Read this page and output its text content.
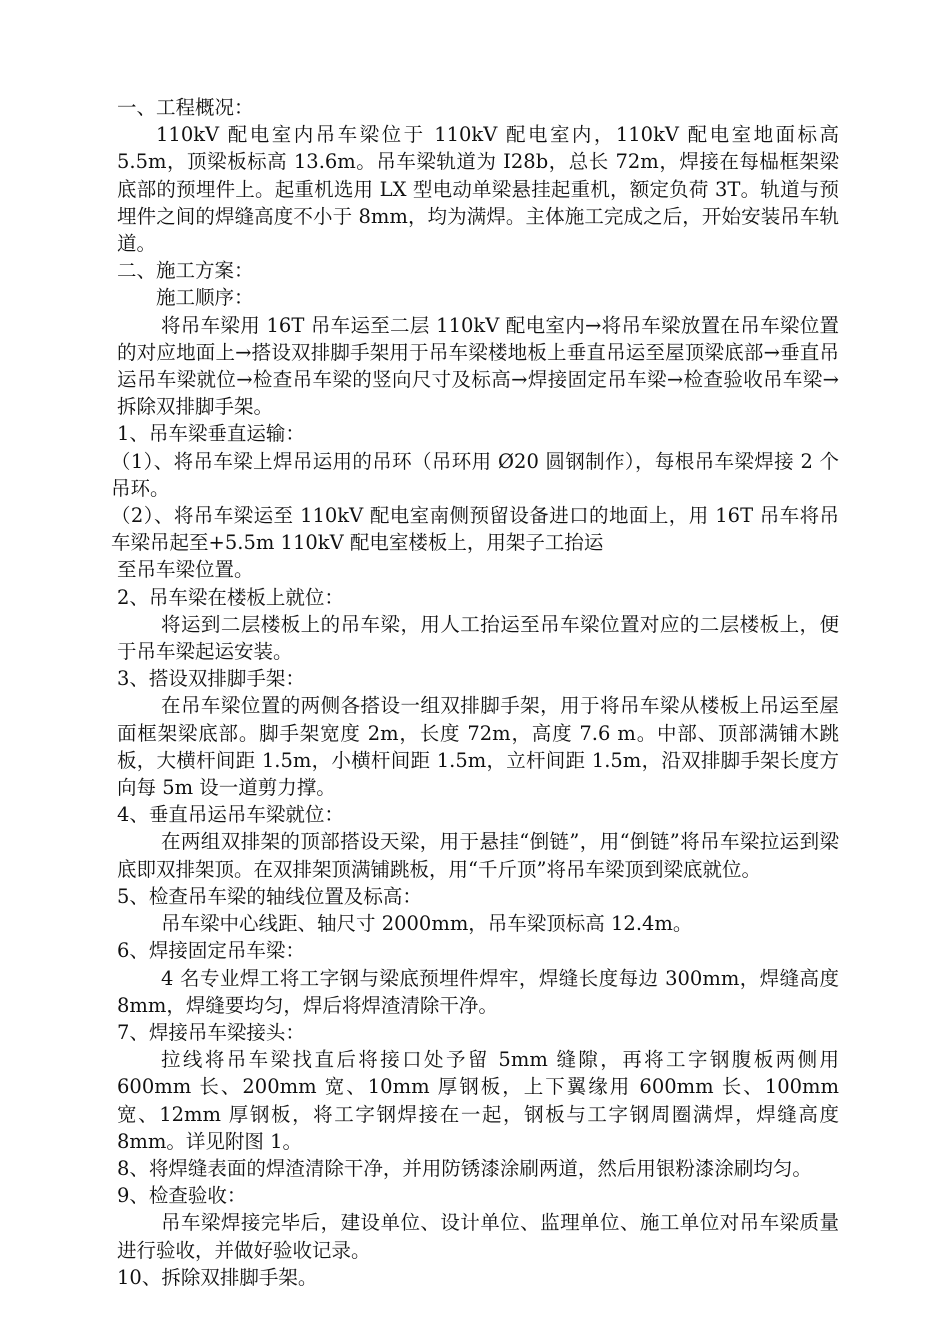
一、工程概况：

110kV 配电室内吊车梁位于 110kV 配电室内，110kV 配电室地面标高 5.5m，顶梁板标高 13.6m。吊车梁轨道为 I28b，总长 72m，焊接在每榀框架梁底部的预埋件上。起重机选用 LX 型电动单梁悬挂起重机，额定负荷 3T。轨道与预埋件之间的焊缝高度不小于 8mm，均为满焊。主体施工完成之后，开始安装吊车轨道。

二、施工方案：

施工顺序：

将吊车梁用 16T 吊车运至二层 110kV 配电室内→将吊车梁放置在吊车梁位置的对应地面上→搭设双排脚手架用于吊车梁楼地板上垂直吊运至屋顶梁底部→垂直吊运吊车梁就位→检查吊车梁的竖向尺寸及标高→焊接固定吊车梁→检查验收吊车梁→拆除双排脚手架。

1、吊车梁垂直运输：

（1）、将吊车梁上焊吊运用的吊环（吊环用 Ø20 圆钢制作），每根吊车梁焊接 2 个吊环。

（2）、将吊车梁运至 110kV 配电室南侧预留设备进口的地面上，用 16T 吊车将吊车梁吊起至+5.5m 110kV 配电室楼板上，用架子工抬运

至吊车梁位置。

2、吊车梁在楼板上就位：

将运到二层楼板上的吊车梁，用人工抬运至吊车梁位置对应的二层楼板上，便于吊车梁起运安装。

3、搭设双排脚手架：

在吊车梁位置的两侧各搭设一组双排脚手架，用于将吊车梁从楼板上吊运至屋面框架梁底部。脚手架宽度 2m，长度 72m，高度 7.6 m。中部、顶部满铺木跳板，大横杆间距 1.5m，小横杆间距 1.5m，立杆间距 1.5m，沿双排脚手架长度方向每 5m 设一道剪力撑。

4、垂直吊运吊车梁就位：

在两组双排架的顶部搭设天梁，用于悬挂“倒链”，用“倒链”将吊车梁拉运到梁底即双排架顶。在双排架顶满铺跳板，用“千斤顶”将吊车梁顶到梁底就位。

5、检查吊车梁的轴线位置及标高：

吊车梁中心线距、轴尺寸 2000mm，吊车梁顶标高 12.4m。

6、焊接固定吊车梁：

4 名专业焊工将工字钢与梁底预埋件焊牢，焊缝长度每边 300mm，焊缝高度 8mm，焊缝要均匀，焊后将焊渣清除干净。

7、焊接吊车梁接头：

拉线将吊车梁找直后将接口处予留 5mm 缝隙，再将工字钢腹板两侧用 600mm 长、200mm 宽、10mm 厚钢板，上下翼缘用 600mm 长、100mm 宽、12mm 厚钢板，将工字钢焊接在一起，钢板与工字钢周圈满焊，焊缝高度 8mm。详见附图 1。

8、将焊缝表面的焊渣清除干净，并用防锈漆涂刷两道，然后用银粉漆涂刷均匀。

9、检查验收：

吊车梁焊接完毕后，建设单位、设计单位、监理单位、施工单位对吊车梁质量进行验收，并做好验收记录。

10、拆除双排脚手架。
